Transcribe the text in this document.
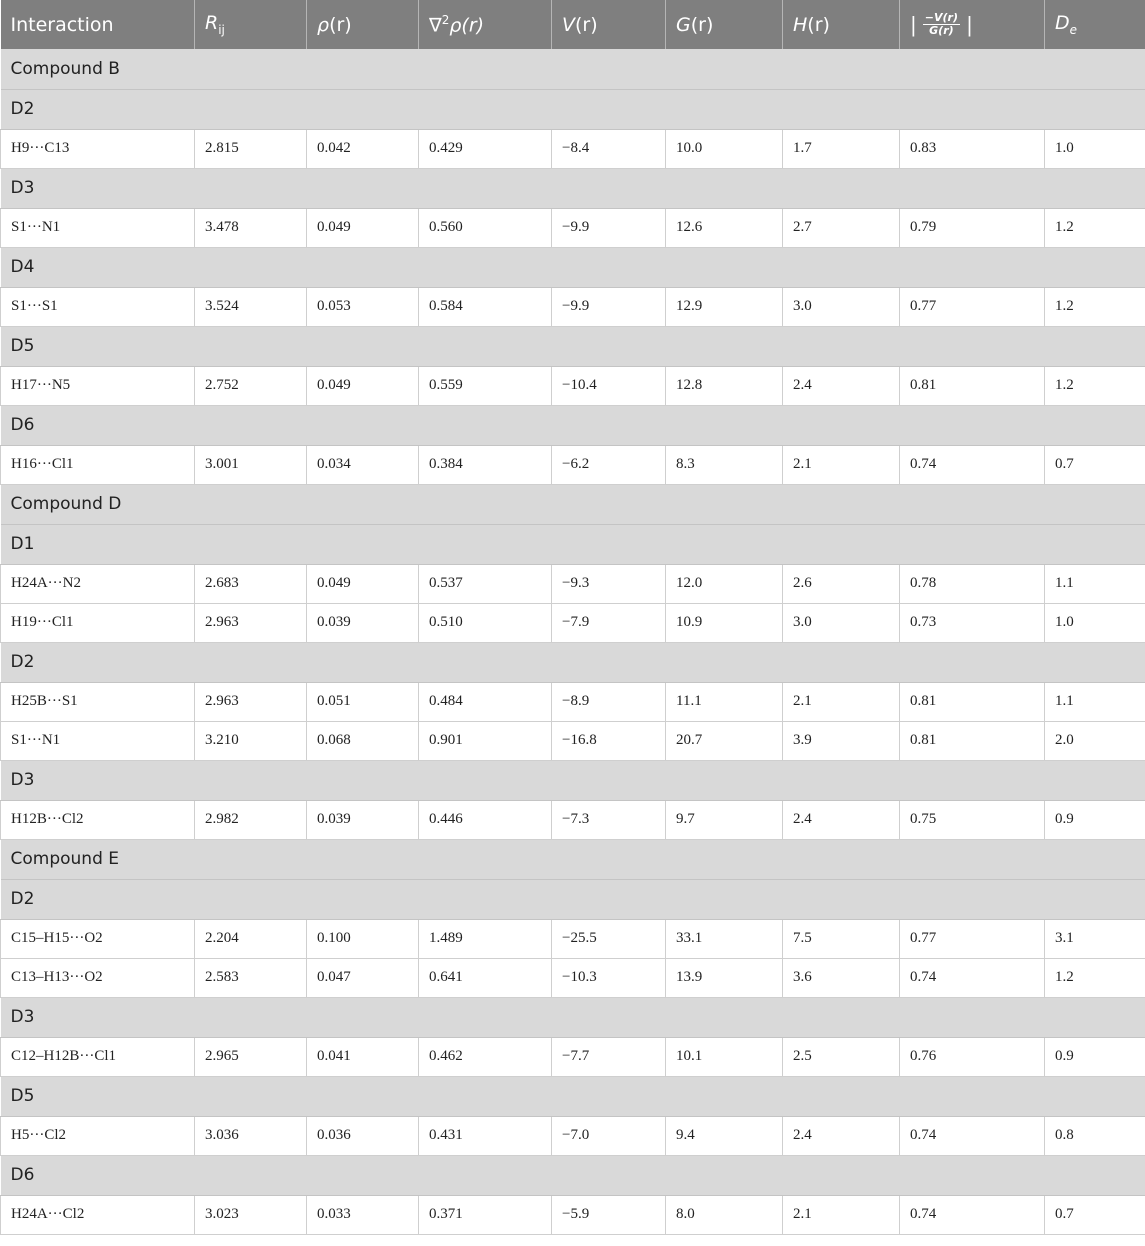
Interaction	$R_{ij}$	ρ(r)	∇$^2$ρ(r)	V(r)	G(r)	H(r)	| $\frac{-V(r)}{G(r)}$ |	$D_e$
Compound B								
D2								
H9···C13	2.815	0.042	0.429	−8.4	10.0	1.7	0.83	1.0
D3								
S1···N1	3.478	0.049	0.560	−9.9	12.6	2.7	0.79	1.2
D4								
S1···S1	3.524	0.053	0.584	−9.9	12.9	3.0	0.77	1.2
D5								
H17···N5	2.752	0.049	0.559	−10.4	12.8	2.4	0.81	1.2
D6								
H16···Cl1	3.001	0.034	0.384	−6.2	8.3	2.1	0.74	0.7
Compound D								
D1								
H24A···N2	2.683	0.049	0.537	−9.3	12.0	2.6	0.78	1.1
H19···Cl1	2.963	0.039	0.510	−7.9	10.9	3.0	0.73	1.0
D2								
H25B···S1	2.963	0.051	0.484	−8.9	11.1	2.1	0.81	1.1
S1···N1	3.210	0.068	0.901	−16.8	20.7	3.9	0.81	2.0
D3								
H12B···Cl2	2.982	0.039	0.446	−7.3	9.7	2.4	0.75	0.9
Compound E								
D2								
C15–H15···O2	2.204	0.100	1.489	−25.5	33.1	7.5	0.77	3.1
C13–H13···O2	2.583	0.047	0.641	−10.3	13.9	3.6	0.74	1.2
D3								
C12–H12B···Cl1	2.965	0.041	0.462	−7.7	10.1	2.5	0.76	0.9
D5								
H5···Cl2	3.036	0.036	0.431	−7.0	9.4	2.4	0.74	0.8
D6								
H24A···Cl2	3.023	0.033	0.371	−5.9	8.0	2.1	0.74	0.7
